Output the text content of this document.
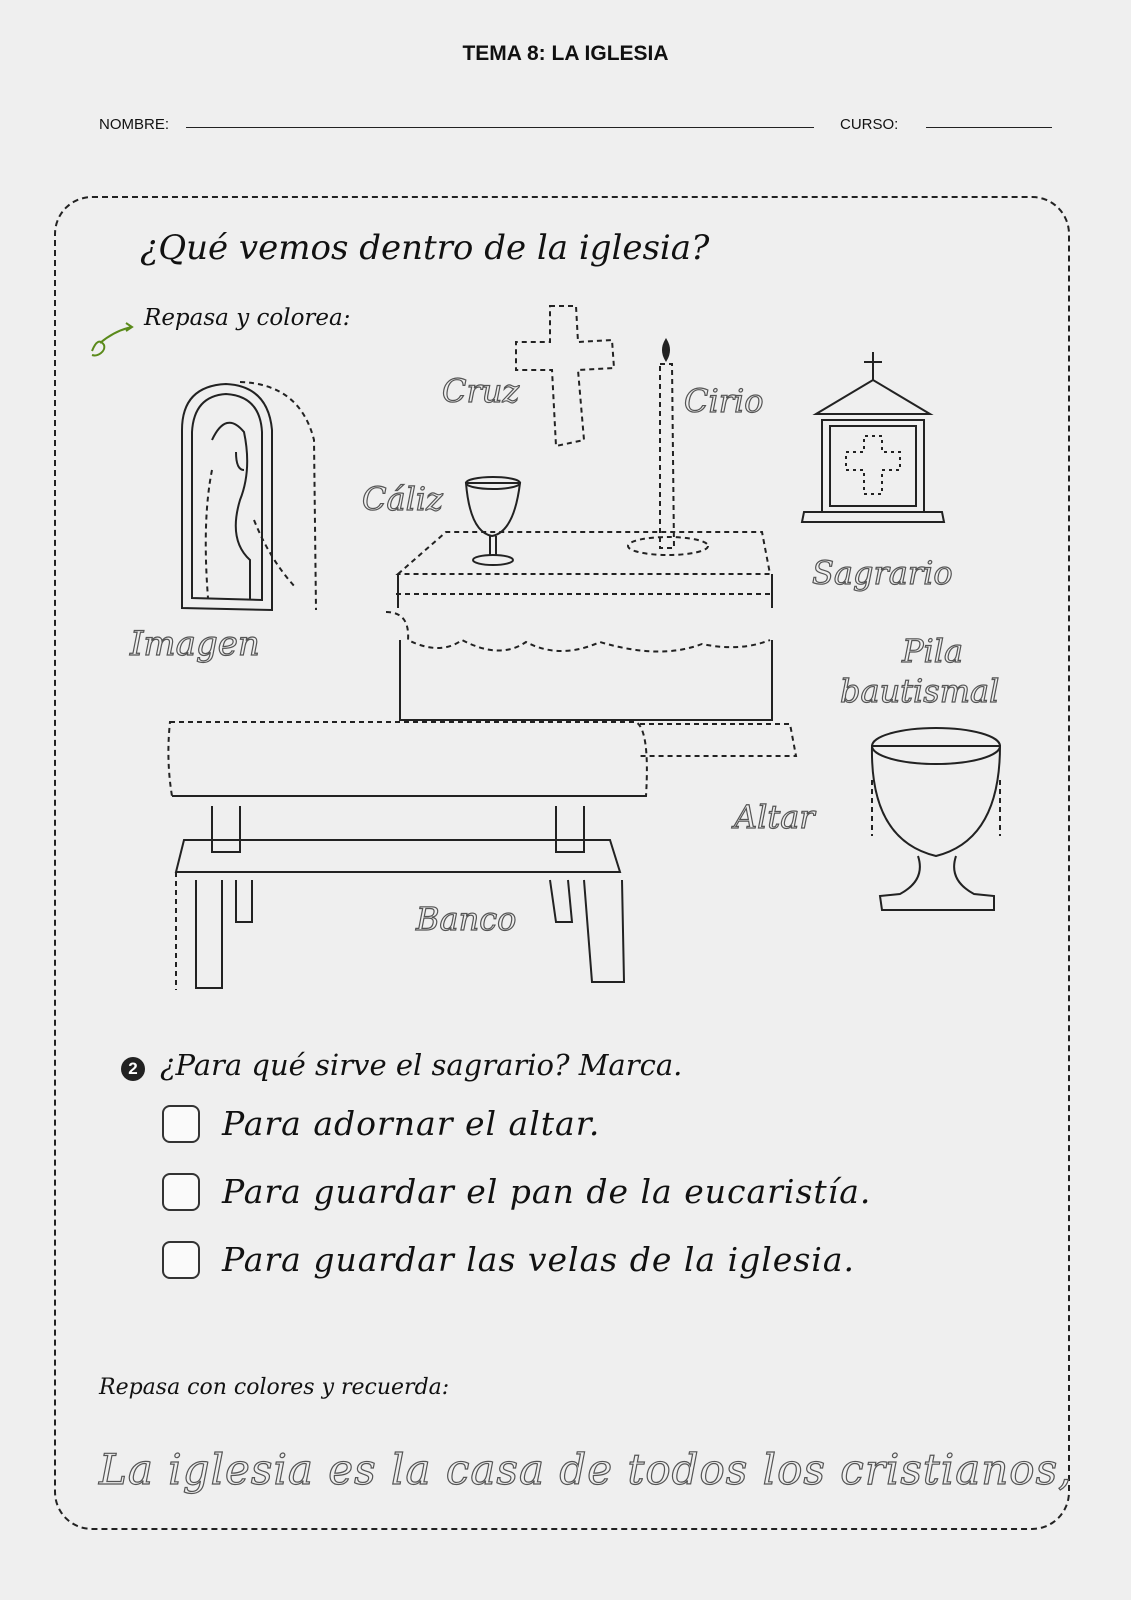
TEMA 8: LA IGLESIA
NOMBRE:	CURSO:
¿Qué vemos dentro de la iglesia?
Repasa y colorea:
Cruz	Cirio
Cáliz
Sagrario
Imagen	Pila
bautismal
Altar
Banco
2 ¿Para qué sirve el sagrario? Marca.
Para adornar el altar.
Para guardar el pan de la eucaristía.
Para guardar las velas de la iglesia.
Repasa con colores y recuerda:
La iglesia es la casa de todos los cristianos,
